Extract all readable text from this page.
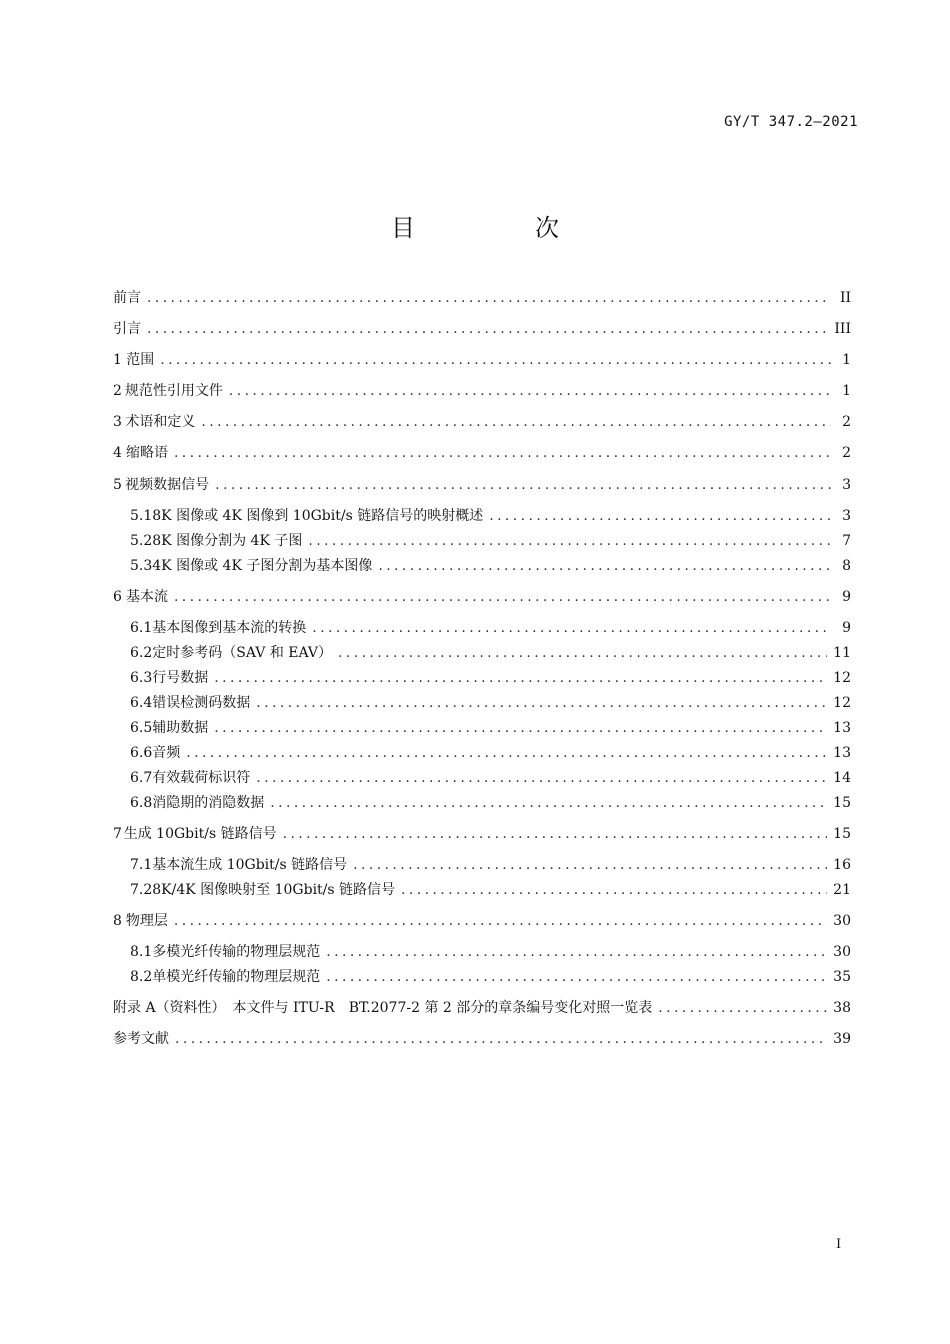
GY/T 347.2—2021
目　次
前言 .....	II
引言 .....	III
1 范围 .....	1
2 规范性引用文件 .....	1
3 术语和定义 .....	2
4 缩略语 .....	2
5 视频数据信号 .....	3
5.1 8K 图像或 4K 图像到 10Gbit/s 链路信号的映射概述 .....	3
5.2 8K 图像分割为 4K 子图 .....	7
5.3 4K 图像或 4K 子图分割为基本图像 .....	8
6 基本流 .....	9
6.1 基本图像到基本流的转换 .....	9
6.2 定时参考码（SAV 和 EAV） .....	11
6.3 行号数据 .....	12
6.4 错误检测码数据 .....	12
6.5 辅助数据 .....	13
6.6 音频 .....	13
6.7 有效载荷标识符 .....	14
6.8 消隐期的消隐数据 .....	15
7 生成 10Gbit/s 链路信号 .....	15
7.1 基本流生成 10Gbit/s 链路信号 .....	16
7.2 8K/4K 图像映射至 10Gbit/s 链路信号 .....	21
8 物理层 .....	30
8.1 多模光纤传输的物理层规范 .....	30
8.2 单模光纤传输的物理层规范 .....	35
附录 A（资料性）　本文件与 ITU-R　BT.2077-2 第 2 部分的章条编号变化对照一览表 .....	38
参考文献 .....	39
I
